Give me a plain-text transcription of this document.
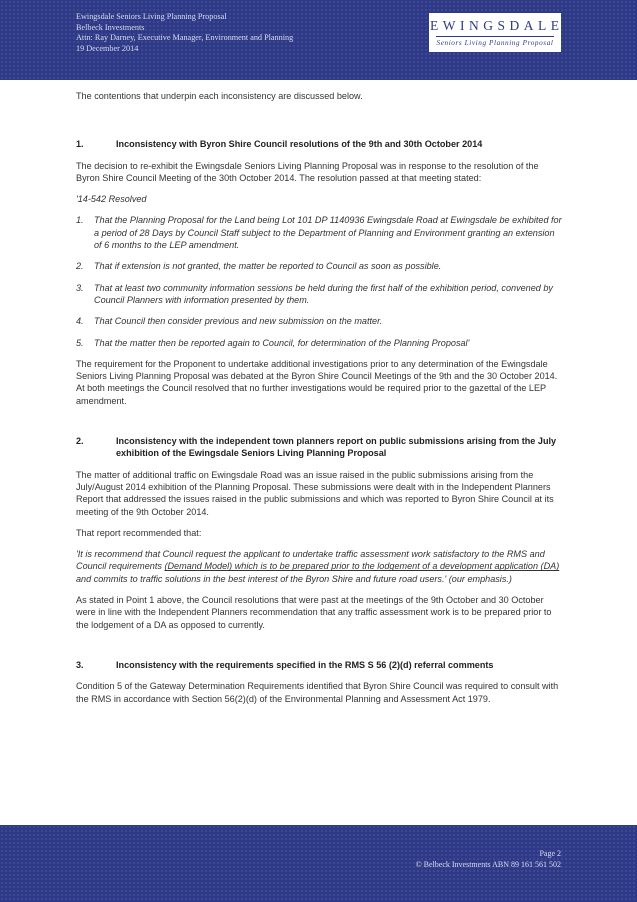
Ewingsdale Seniors Living Planning Proposal
Belbeck Investments
Attn: Ray Darney, Executive Manager, Environment and Planning
19 December 2014
EWINGSDALE
Seniors Living Planning Proposal

The contentions that underpin each inconsistency are discussed below.

1.	Inconsistency with Byron Shire Council resolutions of the 9th and 30th October 2014

The decision to re-exhibit the Ewingsdale Seniors Living Planning Proposal was in response to the resolution of the Byron Shire Council Meeting of the 30th October 2014. The resolution passed at that meeting stated:

'14-542 Resolved

1.	That the Planning Proposal for the Land being Lot 101 DP 1140936 Ewingsdale Road at Ewingsdale be exhibited for a period of 28 Days by Council Staff subject to the Department of Planning and Environment granting an extension of 6 months to the LEP amendment.
2.	That if extension is not granted, the matter be reported to Council as soon as possible.
3.	That at least two community information sessions be held during the first half of the exhibition period, convened by Council Planners with information presented by them.
4.	That Council then consider previous and new submission on the matter.
5.	That the matter then be reported again to Council, for determination of the Planning Proposal'

The requirement for the Proponent to undertake additional investigations prior to any determination of the Ewingsdale Seniors Living Planning Proposal was debated at the Byron Shire Council Meetings of the 9th and the 30 October 2014. At both meetings the Council resolved that no further investigations would be required prior to the gazettal of the LEP amendment.

2.	Inconsistency with the independent town planners report on public submissions arising from the July exhibition of the Ewingsdale Seniors Living Planning Proposal

The matter of additional traffic on Ewingsdale Road was an issue raised in the public submissions arising from the July/August 2014 exhibition of the Planning Proposal. These submissions were dealt with in the Independent Planners Report that addressed the issues raised in the public submissions and which was reported to Byron Shire Council at its meeting of the 9th October 2014.

That report recommended that:

'It is recommend that Council request the applicant to undertake traffic assessment work satisfactory to the RMS and Council requirements (Demand Model) which is to be prepared prior to the lodgement of a development application (DA) and commits to traffic solutions in the best interest of the Byron Shire and future road users.' (our emphasis.)

As stated in Point 1 above, the Council resolutions that were past at the meetings of the 9th October and 30 October were in line with the Independent Planners recommendation that any traffic assessment work is to be prepared prior to the lodgement of a DA as opposed to currently.

3.	Inconsistency with the requirements specified in the RMS S 56 (2)(d) referral comments

Condition 5 of the Gateway Determination Requirements identified that Byron Shire Council was required to consult with the RMS in accordance with Section 56(2)(d) of the Environmental Planning and Assessment Act 1979.

Page 2
© Belbeck Investments ABN 89 161 561 502
